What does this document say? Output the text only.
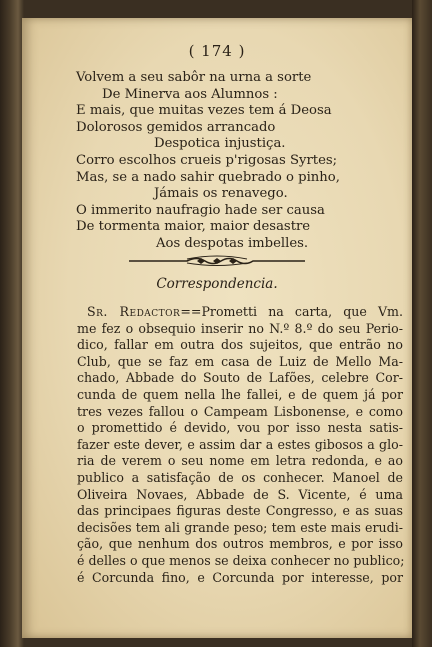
( 174 )
Volvem a seu sabôr na urna a sorte
De Minerva aos Alumnos :
E mais, que muitas vezes tem á Deosa
Dolorosos gemidos arrancado
Despotica injustiça.
Corro escolhos crueis p'rigosas Syrtes;
Mas, se a nado sahir quebrado o pinho,
Jámais os renavego.
O immerito naufragio hade ser causa
De tormenta maior, maior desastre
Aos despotas imbelles.
Correspondencia.
Sr. Redactor==Prometti na carta, que Vm.
me fez o obsequio inserir no N.º 8.º do seu Perio-
dico, fallar em outra dos sujeitos, que entrão no
Club, que se faz em casa de Luiz de Mello Ma-
chado, Abbade do Souto de Lafões, celebre Cor-
cunda de quem nella lhe fallei, e de quem já por
tres vezes fallou o Campeam Lisbonense, e como
o promettido é devido, vou por isso nesta satis-
fazer este dever, e assim dar a estes gibosos a glo-
ria de verem o seu nome em letra redonda, e ao
publico a satisfação de os conhecer. Manoel de
Oliveira Novaes, Abbade de S. Vicente, é uma
das principaes figuras deste Congresso, e as suas
decisões tem ali grande peso; tem este mais erudi-
ção, que nenhum dos outros membros, e por isso
é delles o que menos se deixa conhecer no publico;
é Corcunda fino, e Corcunda por interesse, por
